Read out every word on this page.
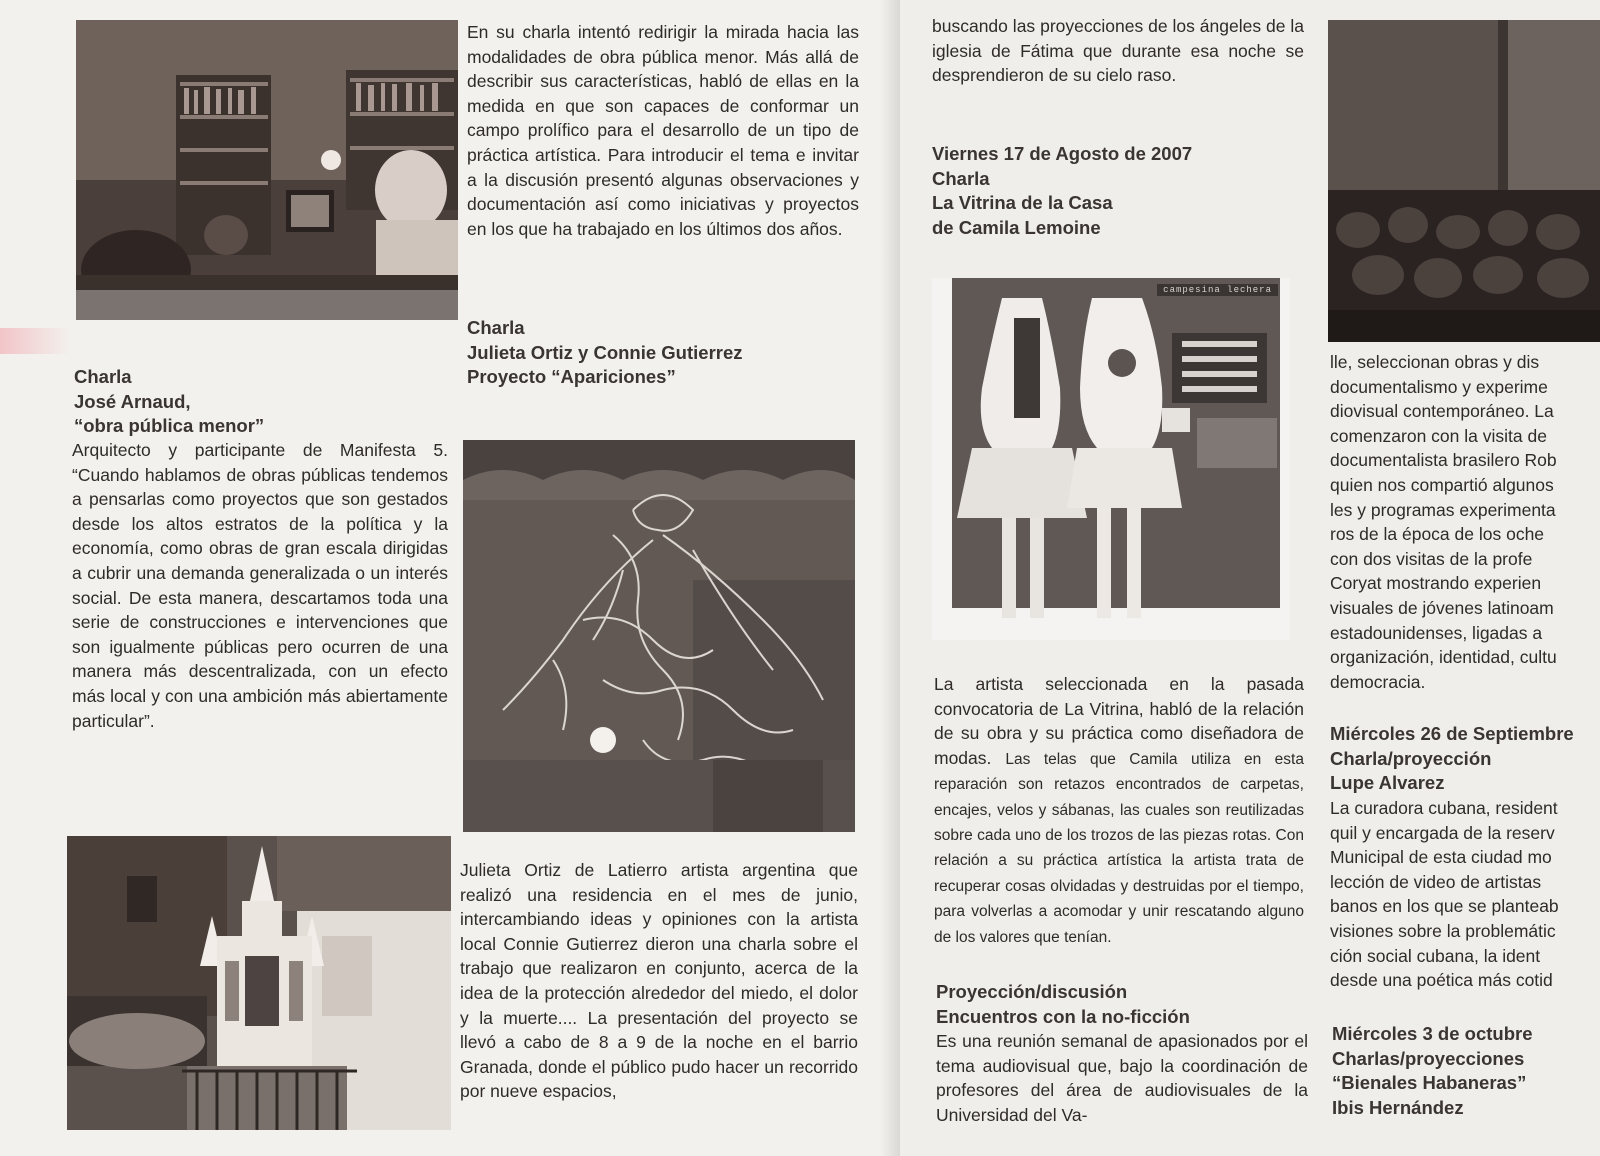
Charla
José Arnaud,
“obra pública menor”

Arquitecto y participante de Manifesta 5. “Cuando hablamos de obras públicas tendemos a pensarlas como proyectos que son gestados desde los altos estratos de la política y la economía, como obras de gran escala dirigidas a cubrir una demanda generalizada o un interés social. De esta manera, descartamos toda una serie de construcciones e intervenciones que son igualmente públicas pero ocurren de una manera más descentralizada, con un efecto más local y con una ambición más abiertamente particular”.

En su charla intentó redirigir la mirada hacia las modalidades de obra pública menor. Más allá de describir sus características, habló de ellas en la medida en que son capaces de conformar un campo prolífico para el desarrollo de un tipo de práctica artística. Para introducir el tema e invitar a la discusión presentó algunas observaciones y documentación así como iniciativas y proyectos en los que ha trabajado en los últimos dos años.

Charla
Julieta Ortiz y Connie Gutierrez
Proyecto “Apariciones”

Julieta Ortiz de Latierro artista argentina que realizó una residencia en el mes de junio, intercambiando ideas y opiniones con la artista local Connie Gutierrez dieron una charla sobre el trabajo que realizaron en conjunto, acerca de la idea de la protección alrededor del miedo, el dolor y la muerte.... La presentación del proyecto se llevó a cabo de 8 a 9 de la noche en el barrio Granada, donde el público pudo hacer un recorrido por nueve espacios,

buscando las proyecciones de los ángeles de la iglesia de Fátima que durante esa noche se desprendieron de su cielo raso.

Viernes 17 de Agosto de 2007
Charla
La Vitrina de la Casa
de Camila Lemoine
campesina lechera

La artista seleccionada en la pasada convocatoria de La Vitrina, habló de la relación de su obra y su práctica como diseñadora de modas. Las telas que Camila utiliza en esta reparación son retazos encontrados de carpetas, encajes, velos y sábanas, las cuales son reutilizadas sobre cada uno de los trozos de las piezas rotas. Con relación a su práctica artística la artista trata de recuperar cosas olvidadas y destruidas por el tiempo, para volverlas a acomodar y unir rescatando alguno de los valores que tenían.

Proyección/discusión
Encuentros con la no-ficción

Es una reunión semanal de apasionados por el tema audiovisual que, bajo la coordinación de profesores del área de audiovisuales de la Universidad del Va-

lle, seleccionan obras y dis
documentalismo y experime
diovisual contemporáneo. La
comenzaron con la visita de
documentalista brasilero Rob
quien nos compartió algunos
les y programas experimenta
ros de la época de los oche
con dos visitas de la profe
Coryat mostrando experien
visuales de jóvenes latinoam
estadounidenses, ligadas a
organización, identidad, cultu
democracia.
Miércoles 26 de Septiembre
Charla/proyección
Lupe Alvarez
La curadora cubana, resident
quil y encargada de la reserv
Municipal de esta ciudad mo
lección de video de artistas
banos en los que se planteab
visiones sobre la problemátic
ción social cubana, la ident
desde una poética más cotid
Miércoles 3 de octubre
Charlas/proyecciones
“Bienales Habaneras”
Ibis Hernández
